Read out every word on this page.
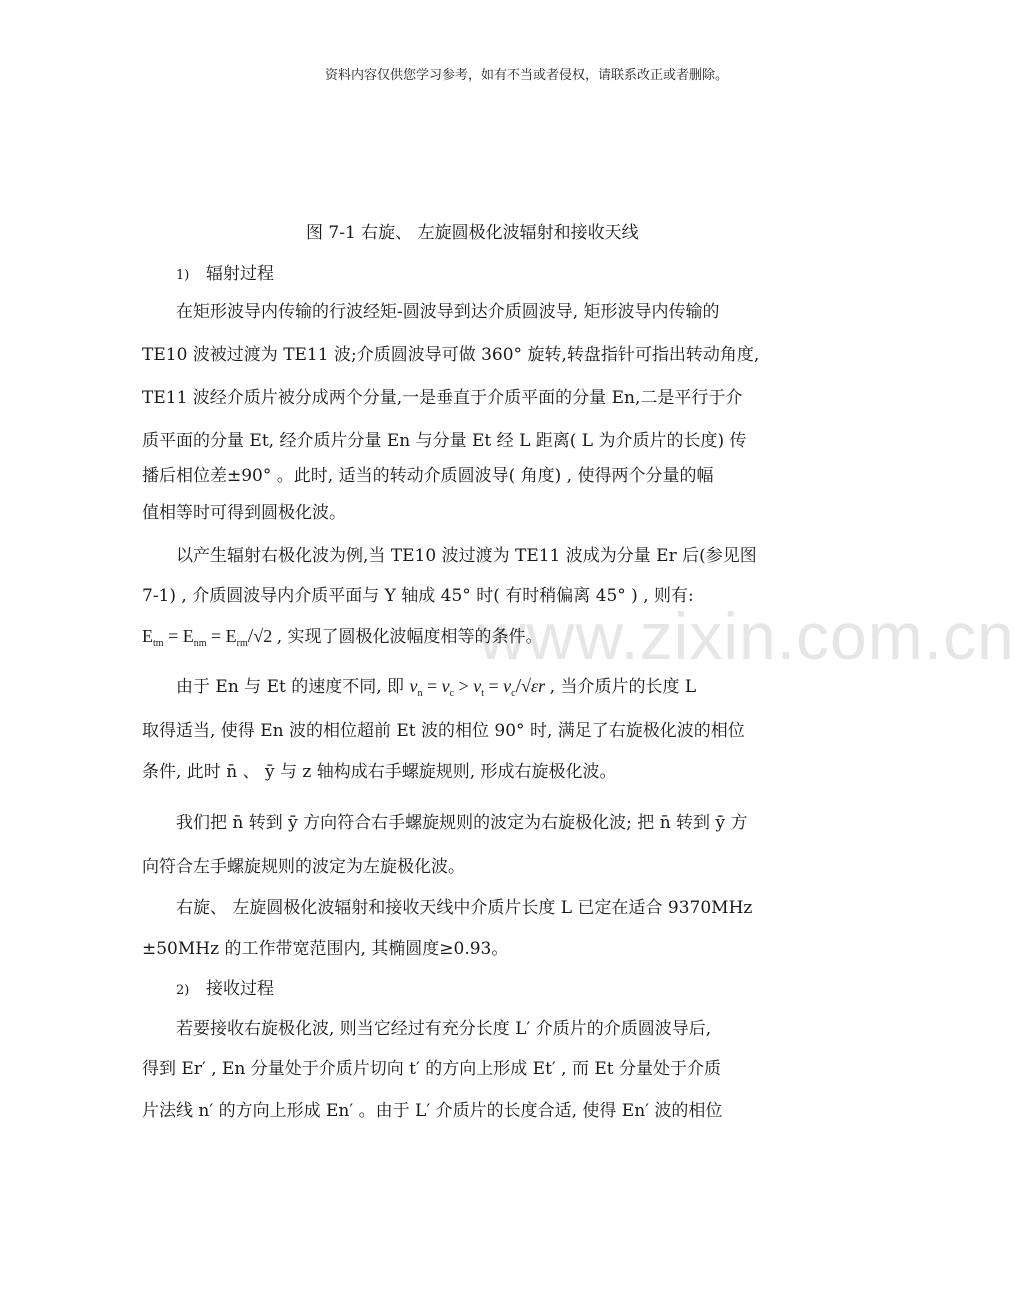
www.zixin.com.cn

资料内容仅供您学习参考，如有不当或者侵权，请联系改正或者删除。

图 7-1 右旋、 左旋圆极化波辐射和接收天线

1) 辐射过程

在矩形波导内传输的行波经矩-圆波导到达介质圆波导, 矩形波导内传输的

TE10 波被过渡为 TE11 波;介质圆波导可做 360° 旋转,转盘指针可指出转动角度,

TE11 波经介质片被分成两个分量,一是垂直于介质平面的分量 En,二是平行于介

质平面的分量 Et, 经介质片分量 En 与分量 Et 经 L 距离( L 为介质片的长度) 传

播后相位差±90° 。此时, 适当的转动介质圆波导( 角度) , 使得两个分量的幅

值相等时可得到圆极化波。

以产生辐射右极化波为例,当 TE10 波过渡为 TE11 波成为分量 Er 后(参见图

7-1) , 介质圆波导内介质平面与 Y 轴成 45° 时( 有时稍偏离 45° ) , 则有:

$E_{tm} = E_{nm} = E_{rm}/√2$ , 实现了圆极化波幅度相等的条件。
由于 En 与 Et 的速度不同, 即 $\nu_n = \nu_c > \nu_t = \nu_c/√\varepsilon r$ , 当介质片的长度 L

取得适当, 使得 En 波的相位超前 Et 波的相位 90° 时, 满足了右旋极化波的相位

条件, 此时 n̄ 、 ȳ 与 z 轴构成右手螺旋规则, 形成右旋极化波。

我们把 n̄ 转到 ȳ 方向符合右手螺旋规则的波定为右旋极化波; 把 n̄ 转到 ȳ 方

向符合左手螺旋规则的波定为左旋极化波。

右旋、 左旋圆极化波辐射和接收天线中介质片长度 L 已定在适合 9370MHz

±50MHz 的工作带宽范围内, 其椭圆度≥0.93。

2) 接收过程

若要接收右旋极化波, 则当它经过有充分长度 L′ 介质片的介质圆波导后,

得到 Er′ , En 分量处于介质片切向 t′ 的方向上形成 Et′ , 而 Et 分量处于介质

片法线 n′ 的方向上形成 En′ 。由于 L′ 介质片的长度合适, 使得 En′ 波的相位
